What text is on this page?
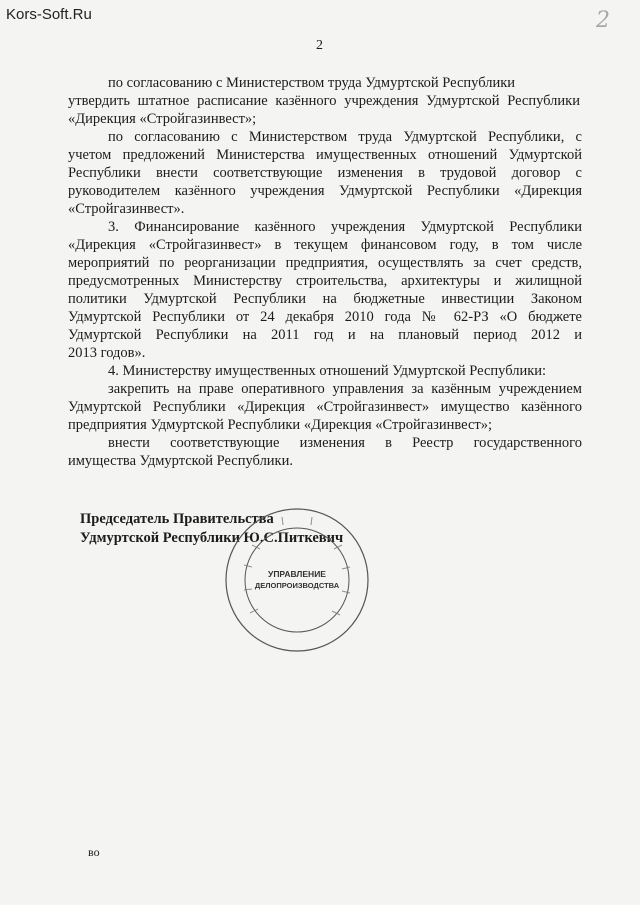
Kors-Soft.Ru	2
2
по согласованию с Министерством труда Удмуртской Республики
утвердить штатное расписание казённого учреждения Удмуртской Республики
«Дирекция «Стройгазинвест»;
по согласованию с Министерством труда Удмуртской Республики, с
учетом предложений Министерства имущественных отношений Удмуртской
Республики внести соответствующие изменения в трудовой договор с
руководителем казённого учреждения Удмуртской Республики «Дирекция
«Стройгазинвест».
3. Финансирование казённого учреждения Удмуртской Республики
«Дирекция «Стройгазинвест» в текущем финансовом году, в том числе
мероприятий по реорганизации предприятия, осуществлять за счет средств,
предусмотренных Министерству строительства, архитектуры и жилищной
политики Удмуртской Республики на бюджетные инвестиции Законом
Удмуртской Республики от 24 декабря 2010 года № 62-РЗ «О бюджете
Удмуртской Республики на 2011 год и на плановый период 2012 и
2013 годов».
4. Министерству имущественных отношений Удмуртской Республики:
закрепить на праве оперативного управления за казённым учреждением
Удмуртской Республики «Дирекция «Стройгазинвест» имущество казённого
предприятия Удмуртской Республики «Дирекция «Стройгазинвест»;
внести соответствующие изменения в Реестр государственного
имущества Удмуртской Республики.
Председатель Правительства
Удмуртской Республики Ю.С.Питкевич
УПРАВЛЕНИЕ
ДЕЛОПРОИЗВОДСТВА
во
